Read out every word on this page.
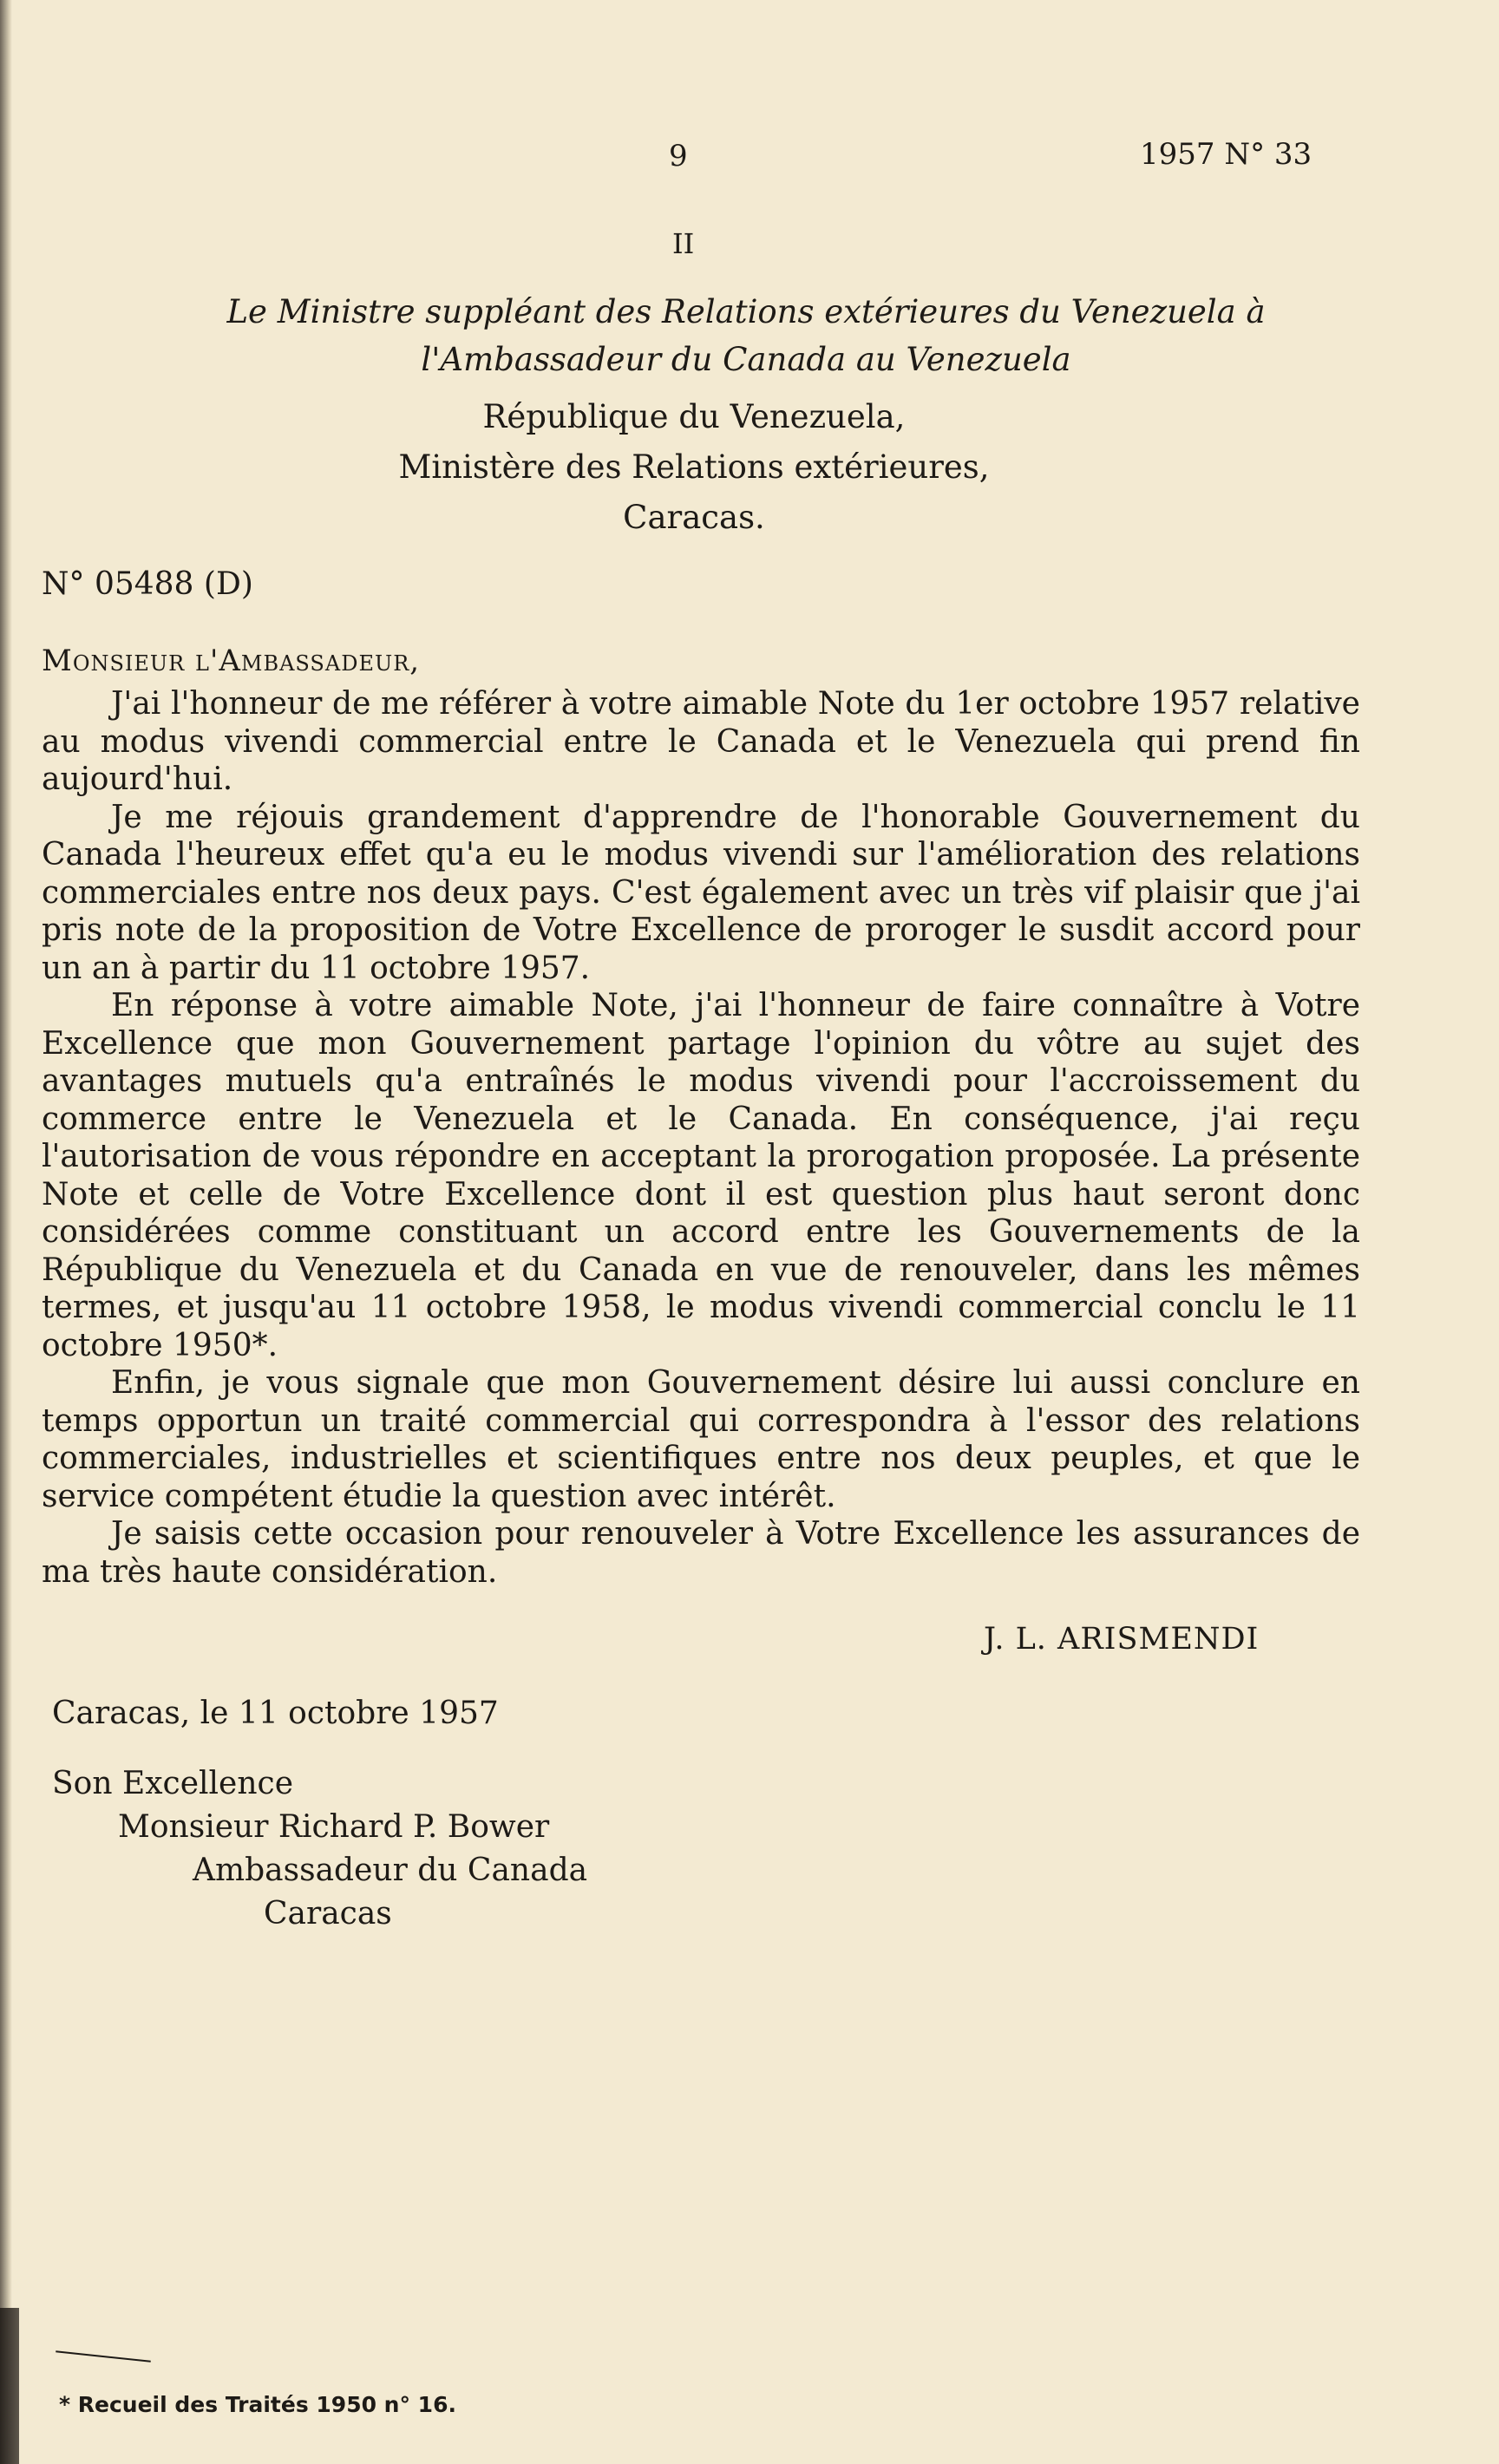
9	1957 N° 33
II
Le Ministre suppléant des Relations extérieures du Venezuela à l'Ambassadeur du Canada au Venezuela
République du Venezuela,
Ministère des Relations extérieures,
Caracas.
N° 05488 (D)
Monsieur l'Ambassadeur,

J'ai l'honneur de me référer à votre aimable Note du 1er octobre 1957 relative au modus vivendi commercial entre le Canada et le Venezuela qui prend fin aujourd'hui.

Je me réjouis grandement d'apprendre de l'honorable Gouvernement du Canada l'heureux effet qu'a eu le modus vivendi sur l'amélioration des relations commerciales entre nos deux pays. C'est également avec un très vif plaisir que j'ai pris note de la proposition de Votre Excellence de proroger le susdit accord pour un an à partir du 11 octobre 1957.

En réponse à votre aimable Note, j'ai l'honneur de faire connaître à Votre Excellence que mon Gouvernement partage l'opinion du vôtre au sujet des avantages mutuels qu'a entraînés le modus vivendi pour l'accroissement du commerce entre le Venezuela et le Canada. En conséquence, j'ai reçu l'autorisation de vous répondre en acceptant la prorogation proposée. La présente Note et celle de Votre Excellence dont il est question plus haut seront donc considérées comme constituant un accord entre les Gouvernements de la République du Venezuela et du Canada en vue de renouveler, dans les mêmes termes, et jusqu'au 11 octobre 1958, le modus vivendi commercial conclu le 11 octobre 1950*.

Enfin, je vous signale que mon Gouvernement désire lui aussi conclure en temps opportun un traité commercial qui correspondra à l'essor des relations commerciales, industrielles et scientifiques entre nos deux peuples, et que le service compétent étudie la question avec intérêt.

Je saisis cette occasion pour renouveler à Votre Excellence les assurances de ma très haute considération.

J. L. ARISMENDI
Caracas, le 11 octobre 1957
Son Excellence
Monsieur Richard P. Bower
Ambassadeur du Canada
Caracas
* Recueil des Traités 1950 n° 16.
